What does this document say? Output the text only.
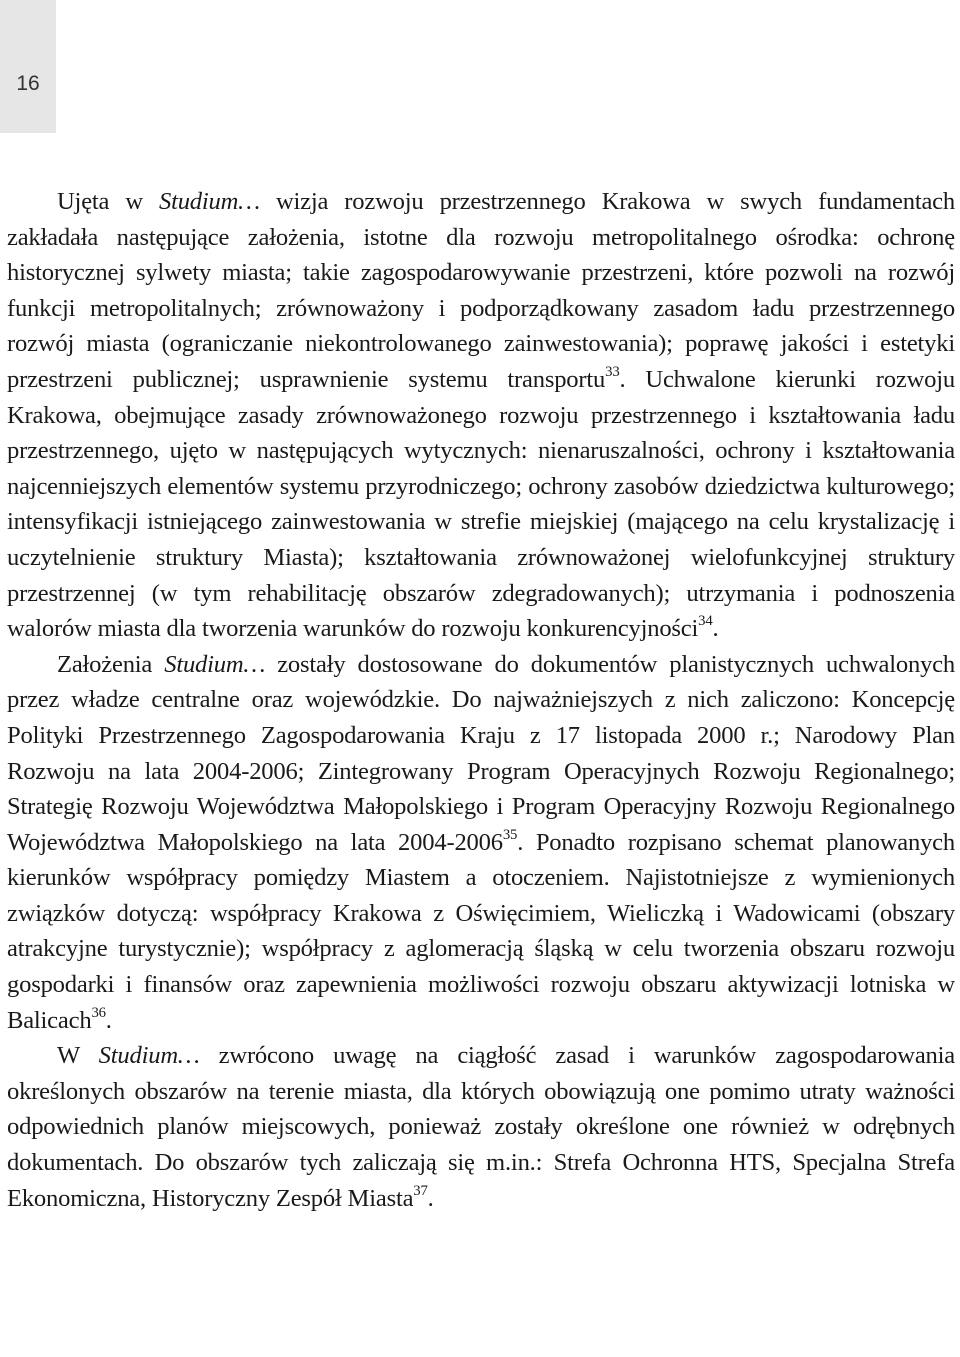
16

Ujęta w Studium… wizja rozwoju przestrzennego Krakowa w swych fundamentach zakładała następujące założenia, istotne dla rozwoju metropolitalnego ośrodka: ochronę historycznej sylwety miasta; takie zagospodarowywanie przestrzeni, które pozwoli na rozwój funkcji metropolitalnych; zrównoważony i podporządkowany zasadom ładu przestrzennego rozwój miasta (ograniczanie niekontrolowanego zainwestowania); poprawę jakości i estetyki przestrzeni publicznej; usprawnienie systemu transportu$^{33}$. Uchwalone kierunki rozwoju Krakowa, obejmujące zasady zrównoważonego rozwoju przestrzennego i kształtowania ładu przestrzennego, ujęto w następujących wytycznych: nienaruszalności, ochrony i kształtowania najcenniejszych elementów systemu przyrodniczego; ochrony zasobów dziedzictwa kulturowego; intensyfikacji istniejącego zainwestowania w strefie miejskiej (mającego na celu krystalizację i uczytelnienie struktury Miasta); kształtowania zrównoważonej wielofunkcyjnej struktury przestrzennej (w tym rehabilitację obszarów zdegradowanych); utrzymania i podnoszenia walorów miasta dla tworzenia warunków do rozwoju konkurencyjności$^{34}$.

Założenia Studium… zostały dostosowane do dokumentów planistycznych uchwalonych przez władze centralne oraz wojewódzkie. Do najważniejszych z nich zaliczono: Koncepcję Polityki Przestrzennego Zagospodarowania Kraju z 17 listopada 2000 r.; Narodowy Plan Rozwoju na lata 2004-2006; Zintegrowany Program Operacyjnych Rozwoju Regionalnego; Strategię Rozwoju Województwa Małopolskiego i Program Operacyjny Rozwoju Regionalnego Województwa Małopolskiego na lata 2004-2006$^{35}$. Ponadto rozpisano schemat planowanych kierunków współpracy pomiędzy Miastem a otoczeniem. Najistotniejsze z wymienionych związków dotyczą: współpracy Krakowa z Oświęcimiem, Wieliczką i Wadowicami (obszary atrakcyjne turystycznie); współpracy z aglomeracją śląską w celu tworzenia obszaru rozwoju gospodarki i finansów oraz zapewnienia możliwości rozwoju obszaru aktywizacji lotniska w Balicach$^{36}$.

W Studium… zwrócono uwagę na ciągłość zasad i warunków zagospodarowania określonych obszarów na terenie miasta, dla których obowiązują one pomimo utraty ważności odpowiednich planów miejscowych, ponieważ zostały określone one również w odrębnych dokumentach. Do obszarów tych zaliczają się m.in.: Strefa Ochronna HTS, Specjalna Strefa Ekonomiczna, Historyczny Zespół Miasta$^{37}$.
